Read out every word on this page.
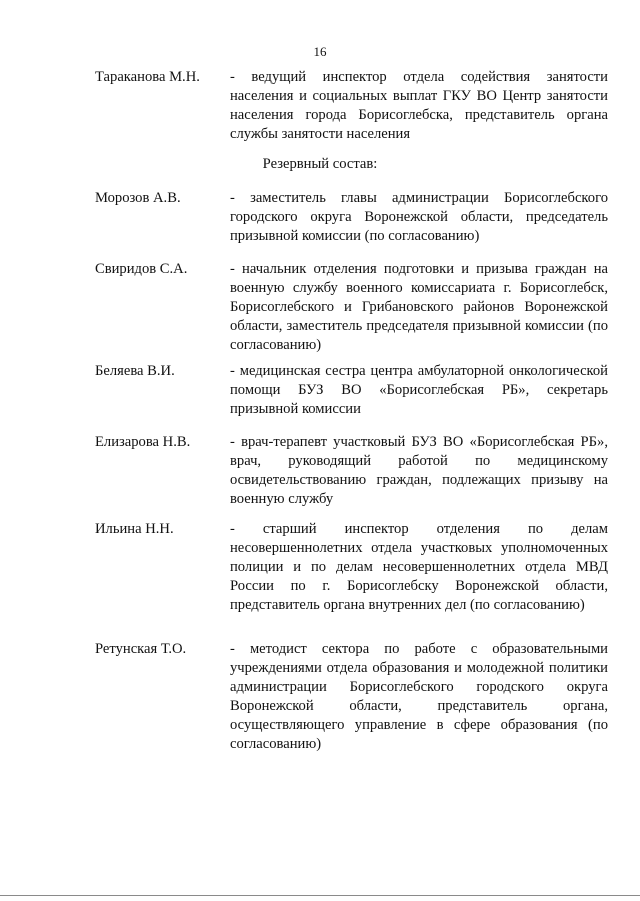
16
Тараканова М.Н. - ведущий инспектор отдела содействия занятости населения и социальных выплат ГКУ ВО Центр занятости населения города Борисоглебска, представитель органа службы занятости населения
Резервный состав:
Морозов А.В.	- заместитель главы администрации Борисоглебского городского округа Воронежской области, председатель призывной комиссии (по согласованию)
Свиридов С.А.	- начальник отделения подготовки и призыва граждан на военную службу военного комиссариата г. Борисоглебск, Борисоглебского и Грибановского районов Воронежской области, заместитель председателя призывной комиссии (по согласованию)
Беляева В.И.	- медицинская сестра центра амбулаторной онкологической помощи БУЗ ВО «Борисоглебская РБ», секретарь призывной комиссии
Елизарова Н.В.	- врач-терапевт участковый БУЗ ВО «Борисоглебская РБ», врач, руководящий работой по медицинскому освидетельствованию граждан, подлежащих призыву на военную службу
Ильина Н.Н.	- старший инспектор отделения по делам несовершеннолетних отдела участковых уполномоченных полиции и по делам несовершеннолетних отдела МВД России по г. Борисоглебску Воронежской области, представитель органа внутренних дел (по согласованию)
Ретунская Т.О.	- методист сектора по работе с образовательными учреждениями отдела образования и молодежной политики администрации Борисоглебского городского округа Воронежской области, представитель органа, осуществляющего управление в сфере образования (по согласованию)
